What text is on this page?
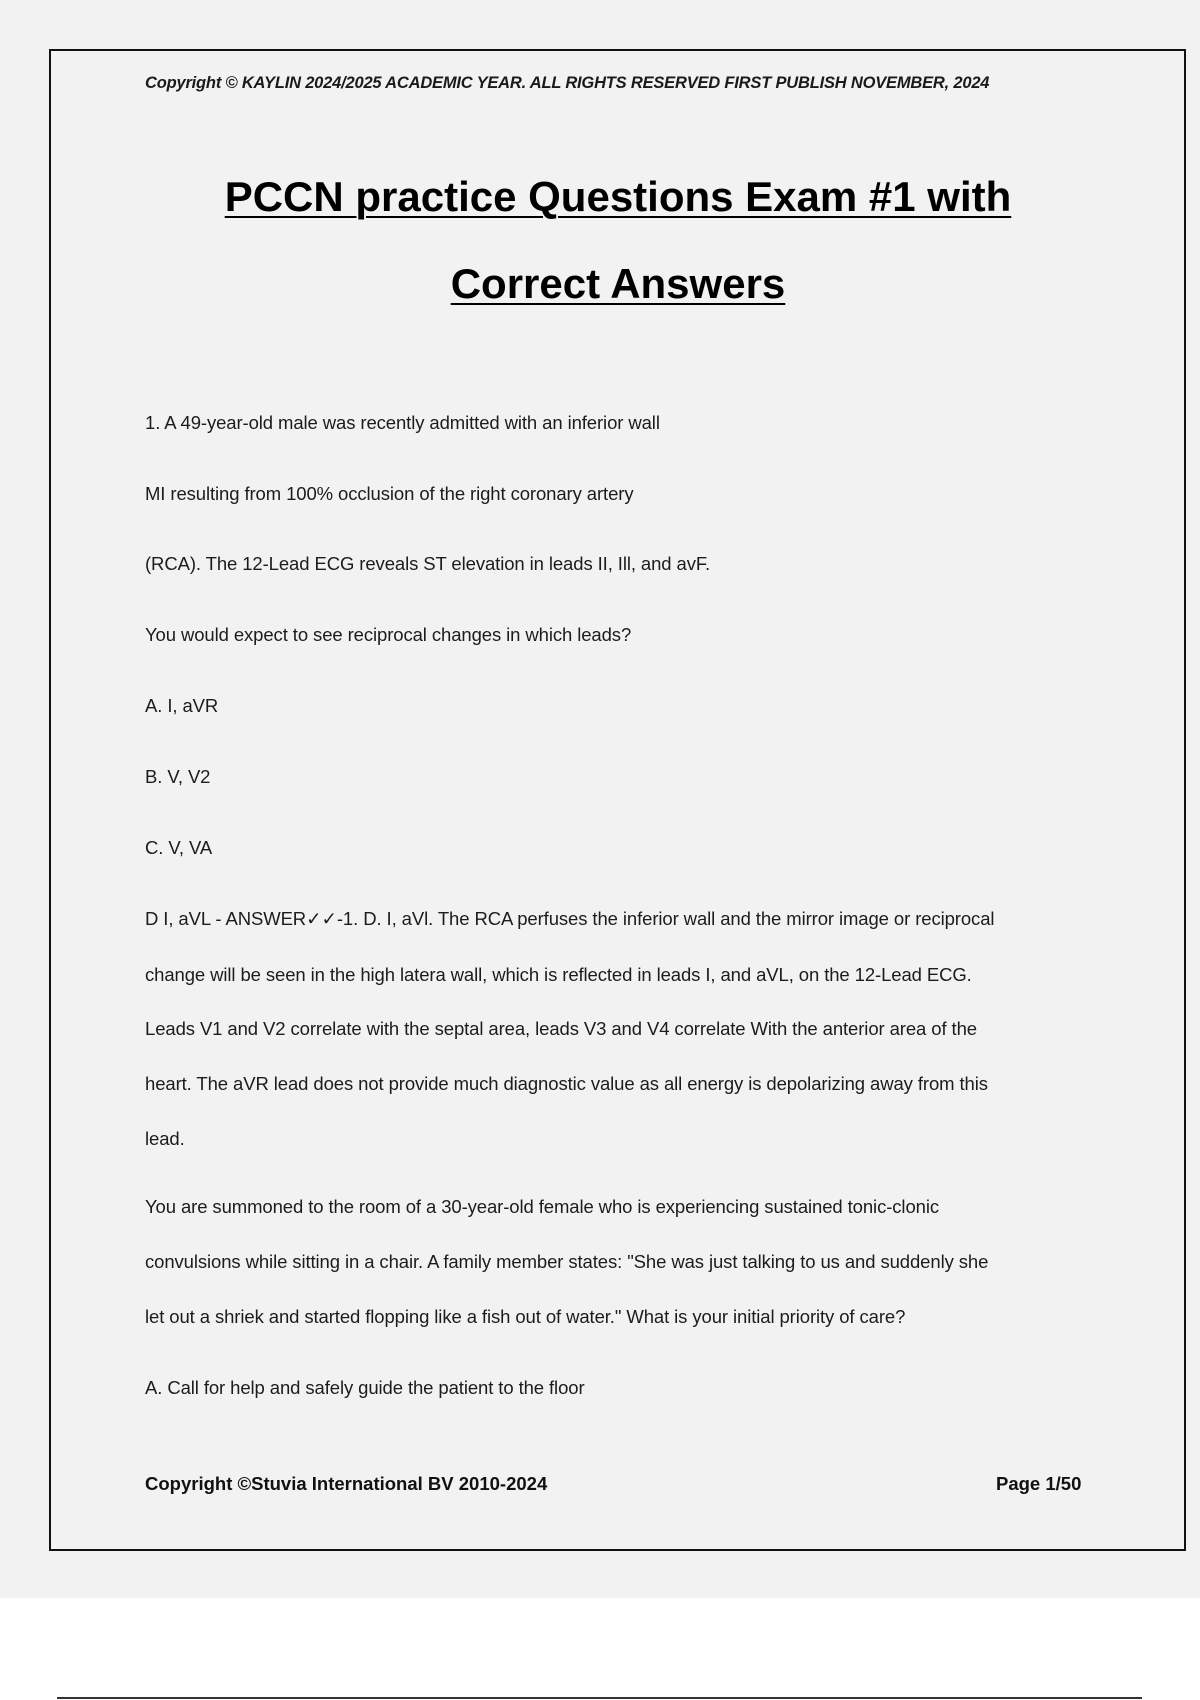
Copyright © KAYLIN 2024/2025 ACADEMIC YEAR. ALL RIGHTS RESERVED FIRST PUBLISH NOVEMBER, 2024
PCCN practice Questions Exam #1 with
Correct Answers
1. A 49-year-old male was recently admitted with an inferior wall
MI resulting from 100% occlusion of the right coronary artery
(RCA). The 12-Lead ECG reveals ST elevation in leads II, Ill, and avF.
You would expect to see reciprocal changes in which leads?
A. I, aVR
B. V, V2
C. V, VA
D I, aVL - ANSWER✓✓-1. D. I, aVl. The RCA perfuses the inferior wall and the mirror image or reciprocal
change will be seen in the high latera wall, which is reflected in leads I, and aVL, on the 12-Lead ECG.
Leads V1 and V2 correlate with the septal area, leads V3 and V4 correlate With the anterior area of the
heart. The aVR lead does not provide much diagnostic value as all energy is depolarizing away from this
lead.
You are summoned to the room of a 30-year-old female who is experiencing sustained tonic-clonic
convulsions while sitting in a chair. A family member states: "She was just talking to us and suddenly she
let out a shriek and started flopping like a fish out of water." What is your initial priority of care?
A. Call for help and safely guide the patient to the floor
Copyright ©Stuvia International BV 2010-2024	Page 1/50
